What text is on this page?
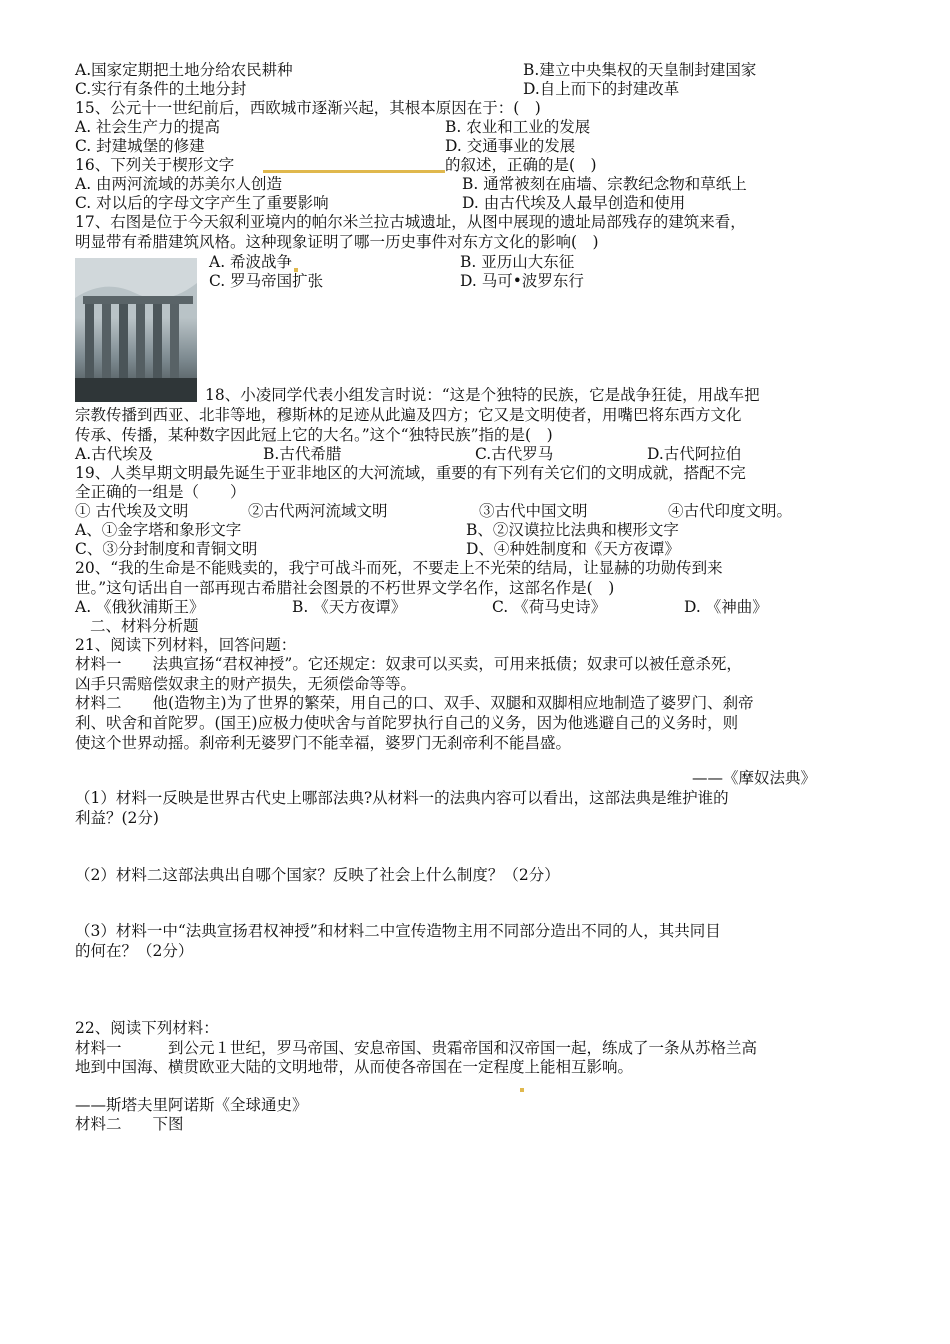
A.国家定期把土地分给农民耕种	B.建立中央集权的天皇制封建国家
C.实行有条件的土地分封	D.自上而下的封建改革
15、公元十一世纪前后，西欧城市逐渐兴起，其根本原因在于：(　)
A. 社会生产力的提高	B. 农业和工业的发展
C. 封建城堡的修建	D. 交通事业的发展
16、下列关于楔形文字	的叙述，正确的是(　)
A. 由两河流域的苏美尔人创造	B. 通常被刻在庙墙、宗教纪念物和草纸上
C. 对以后的字母文字产生了重要影响	D. 由古代埃及人最早创造和使用
17、右图是位于今天叙利亚境内的帕尔米兰拉古城遗址，从图中展现的遗址局部残存的建筑来看，
明显带有希腊建筑风格。这种现象证明了哪一历史事件对东方文化的影响(　)
A. 希波战争	B. 亚历山大东征
C. 罗马帝国扩张	D. 马可•波罗东行
18、小凌同学代表小组发言时说：“这是个独特的民族，它是战争狂徒，用战车把
宗教传播到西亚、北非等地，穆斯林的足迹从此遍及四方；它又是文明使者，用嘴巴将东西方文化
传承、传播，某种数字因此冠上它的大名。”这个“独特民族”指的是(　)
A.古代埃及	B.古代希腊	C.古代罗马	D.古代阿拉伯
19、人类早期文明最先诞生于亚非地区的大河流域，重要的有下列有关它们的文明成就，搭配不完
全正确的一组是（　　）
① 古代埃及文明	②古代两河流域文明	③古代中国文明	④古代印度文明。
A、①金字塔和象形文字	B、②汉谟拉比法典和楔形文字
C、③分封制度和青铜文明	D、④种姓制度和《天方夜谭》
20、“我的生命是不能贱卖的，我宁可战斗而死，不要走上不光荣的结局，让显赫的功勋传到来
世。”这句话出自一部再现古希腊社会图景的不朽世界文学名作，这部名作是(　)
A. 《俄狄浦斯王》	B. 《天方夜谭》	C. 《荷马史诗》	D. 《神曲》
二、材料分析题
21、阅读下列材料，回答问题：
材料一　　法典宣扬“君权神授”。它还规定：奴隶可以买卖，可用来抵债；奴隶可以被任意杀死，
凶手只需赔偿奴隶主的财产损失，无须偿命等等。
材料二　　他(造物主)为了世界的繁荣，用自己的口、双手、双腿和双脚相应地制造了婆罗门、刹帝
利、吠舍和首陀罗。(国王)应极力使吠舍与首陀罗执行自己的义务，因为他逃避自己的义务时，则
使这个世界动摇。刹帝利无婆罗门不能幸福，婆罗门无刹帝利不能昌盛。
——《摩奴法典》
（1）材料一反映是世界古代史上哪部法典?从材料一的法典内容可以看出，这部法典是维护谁的
利益？(2分)
（2）材料二这部法典出自哪个国家？反映了社会上什么制度？（2分）
（3）材料一中“法典宣扬君权神授”和材料二中宣传造物主用不同部分造出不同的人，其共同目
的何在？（2分）
22、阅读下列材料：
材料一　　　到公元１世纪，罗马帝国、安息帝国、贵霜帝国和汉帝国一起，练成了一条从苏格兰高
地到中国海、横贯欧亚大陆的文明地带，从而使各帝国在一定程度上能相互影响。
——斯塔夫里阿诺斯《全球通史》
材料二　　下图
